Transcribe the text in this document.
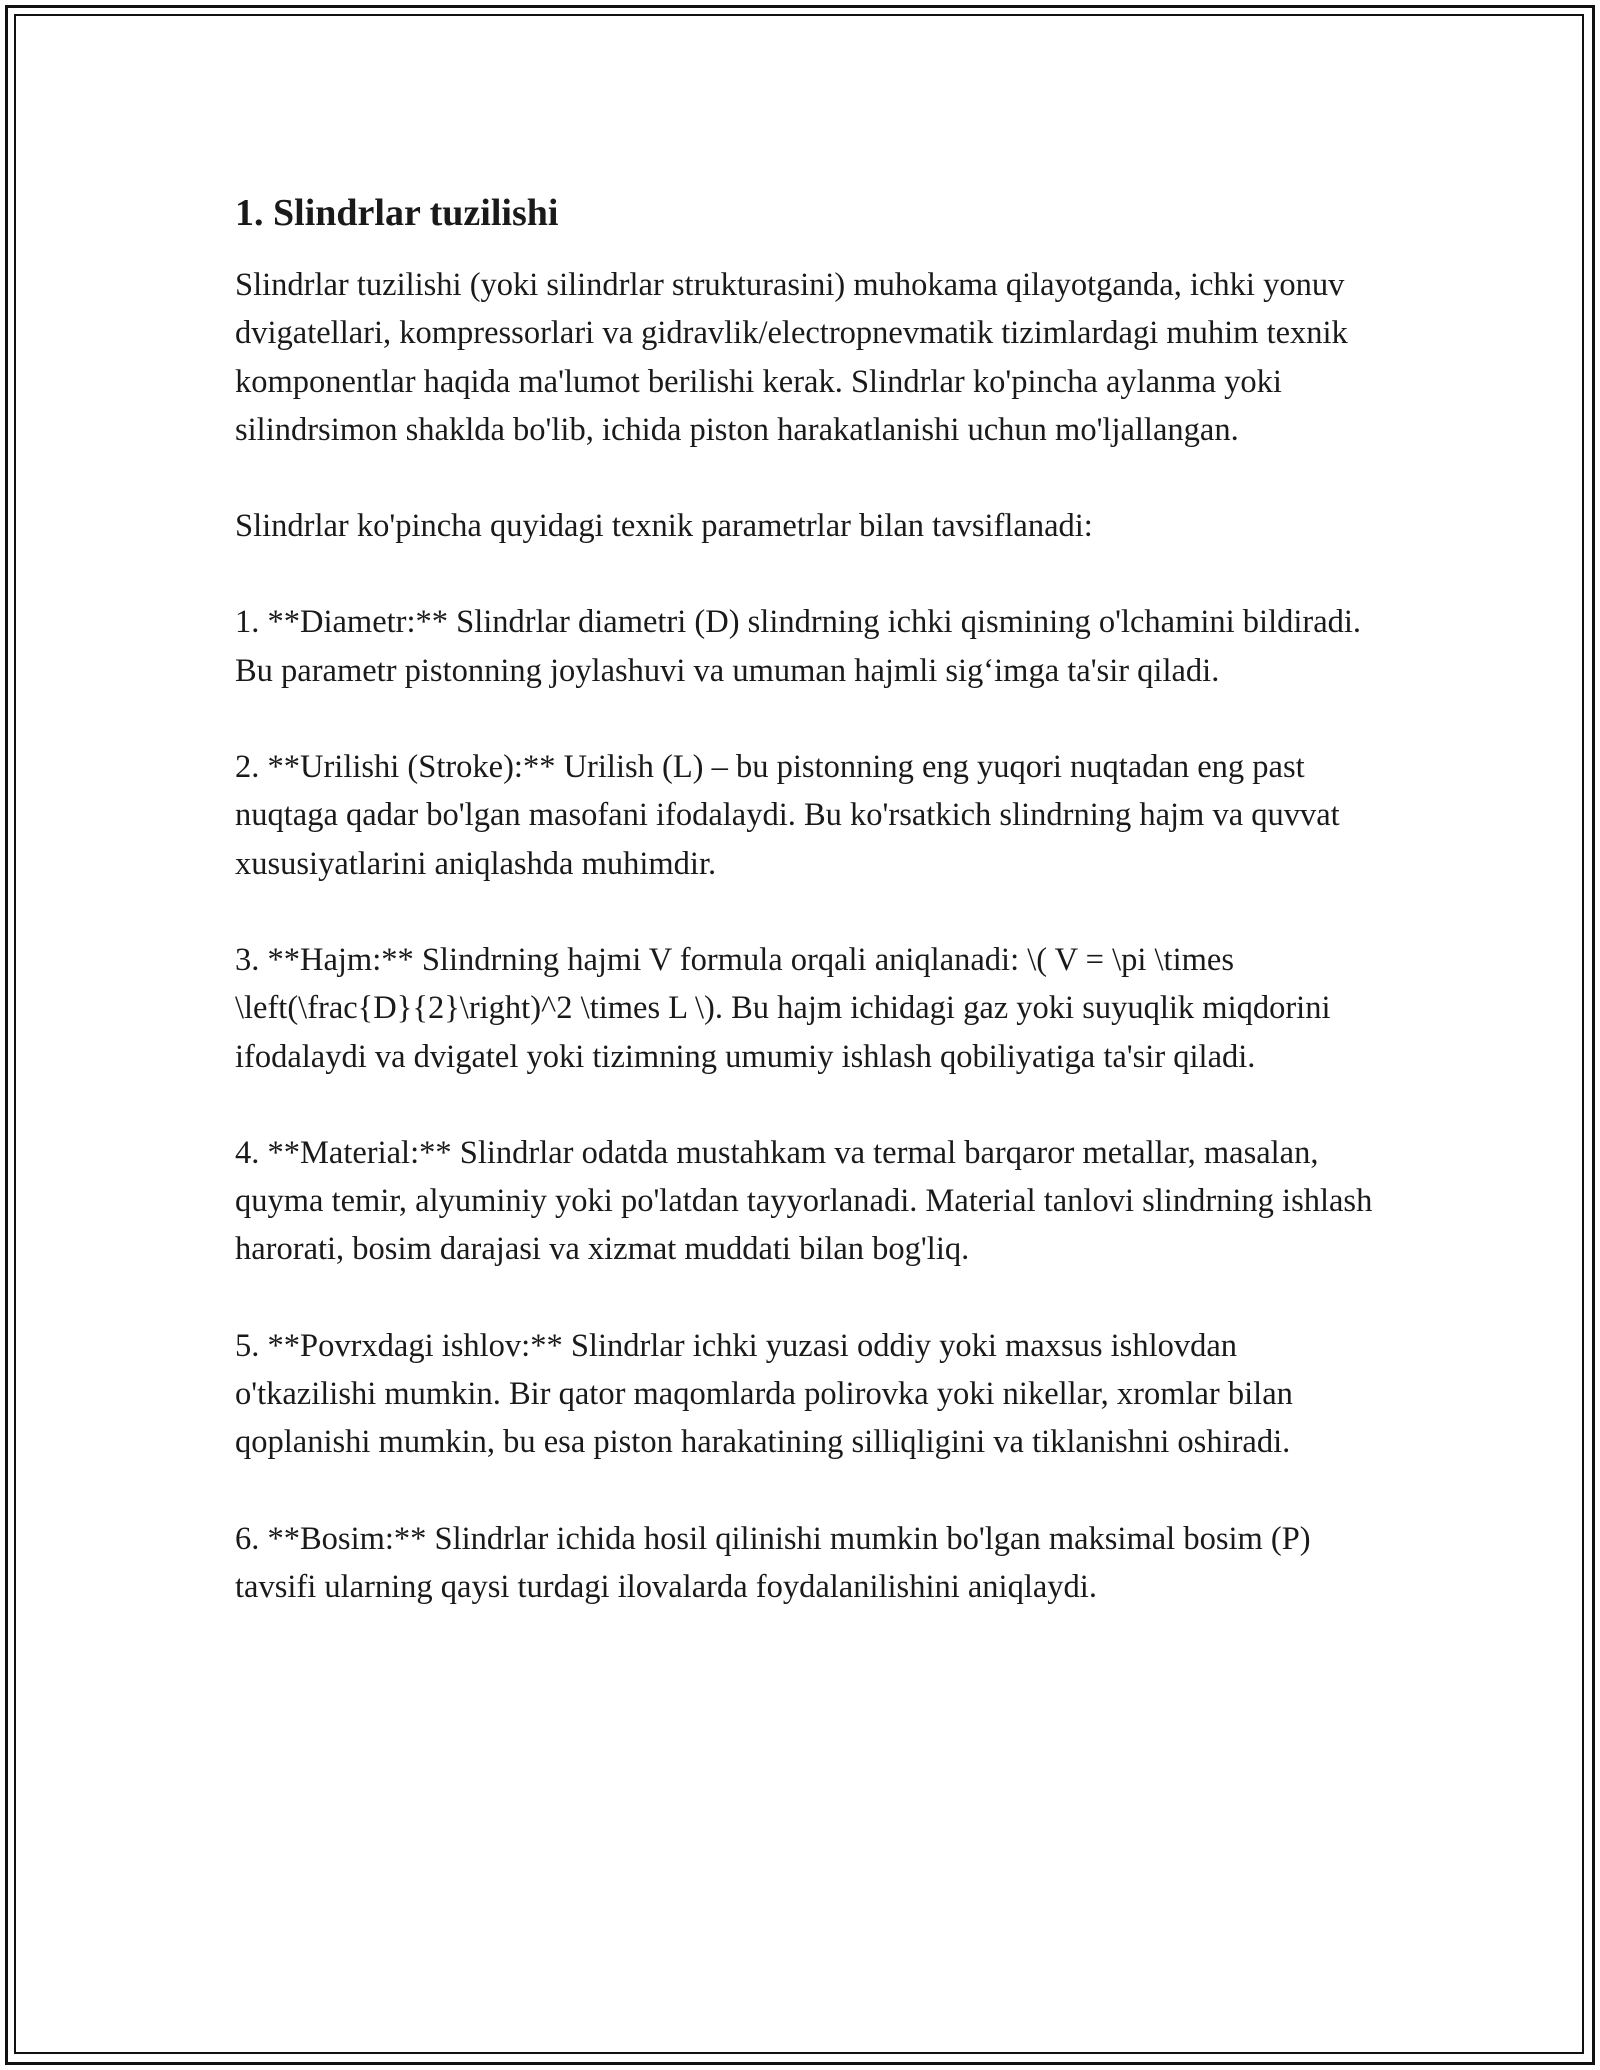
1. Slindrlar tuzilishi

Slindrlar tuzilishi (yoki silindrlar strukturasini) muhokama qilayotganda, ichki yonuv dvigatellari, kompressorlari va gidravlik/electropnevmatik tizimlardagi muhim texnik komponentlar haqida ma'lumot berilishi kerak. Slindrlar ko'pincha aylanma yoki silindrsimon shakldа bo'lib, ichida piston harakatlanishi uchun mo'ljallangan.

Slindrlar ko'pincha quyidagi texnik parametrlar bilan tavsiflanadi:

1. **Diametr:** Slindrlar diametri (D) slindrning ichki qismining o'lchamini bildiradi. Bu parametr pistonning joylashuvi va umuman hajmli sig‘imga ta'sir qiladi.

2. **Urilishi (Stroke):** Urilish (L) – bu pistonning eng yuqori nuqtadan eng past nuqtaga qadar bo'lgan masofani ifodalaydi. Bu ko'rsatkich slindrning hajm va quvvat xususiyatlarini aniqlashda muhimdir.

3. **Hajm:** Slindrning hajmi V formula orqali aniqlanadi: \( V = \pi \times \left(\frac{D}{2}\right)^2 \times L \). Bu hajm ichidagi gaz yoki suyuqlik miqdorini ifodalaydi va dvigatel yoki tizimning umumiy ishlash qobiliyatiga ta'sir qiladi.

4. **Material:** Slindrlar odatda mustahkam va termal barqaror metallar, masalan, quyma temir, alyuminiy yoki po'latdan tayyorlanadi. Material tanlovi slindrning ishlash harorati, bosim darajasi va xizmat muddati bilan bog'liq.

5. **Povrxdagi ishlov:** Slindrlar ichki yuzasi oddiy yoki maxsus ishlovdan o'tkazilishi mumkin. Bir qator maqomlarda polirovka yoki nikellar, xromlar bilan qoplanishi mumkin, bu esa piston harakatining silliqligini va tiklanishni oshiradi.

6. **Bosim:** Slindrlar ichida hosil qilinishi mumkin bo'lgan maksimal bosim (P) tavsifi ularning qaysi turdagi ilovalarda foydalanilishini aniqlaydi.
